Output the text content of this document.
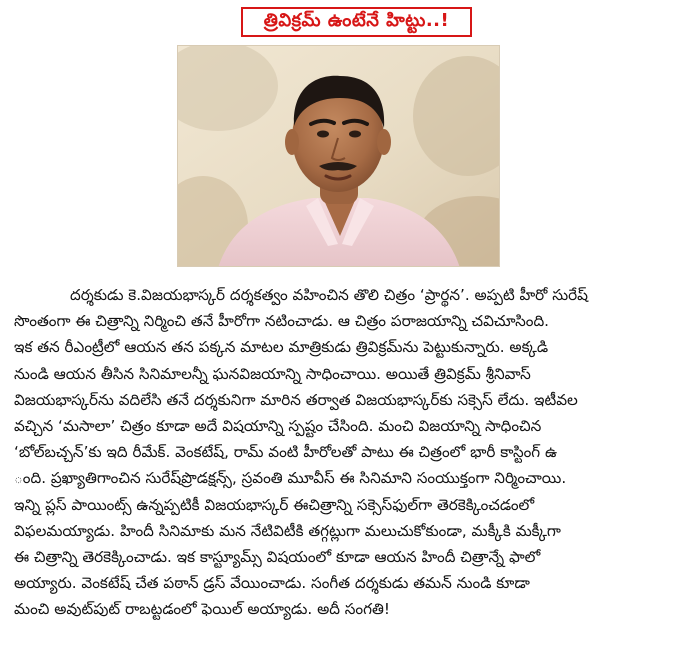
త్రివిక్రమ్ ఉంటేనే హిట్టు..!
దర్శకుడు కె.విజయభాస్కర్ దర్శకత్వం వహించిన తొలి చిత్రం ‘ప్రార్థన’. అప్పటి హీరో సురేష్
సొంతంగా ఈ చిత్రాన్ని నిర్మించి తనే హీరోగా నటించాడు. ఆ చిత్రం పరాజయాన్ని చవిచూసింది.
ఇక తన రీఎంట్రీలో ఆయన తన పక్కన మాటల మాత్రికుడు త్రివిక్రమ్‌ను పెట్టుకున్నారు. అక్కడి
నుండి ఆయన తీసిన సినిమాలన్నీ ఘనవిజయాన్ని సాధించాయి. అయితే త్రివిక్రమ్ శ్రీనివాస్
విజయభాస్కర్‌ను వదిలేసి తనే దర్శకునిగా మారిన తర్వాత విజయభాస్కర్‌కు సక్సెస్ లేదు. ఇటీవల
వచ్చిన ‘మసాలా’ చిత్రం కూడా అదే విషయాన్ని స్పష్టం చేసింది. మంచి విజయాన్ని సాధించిన
‘బోల్‌బచ్చన్’కు ఇది రీమేక్. వెంకటేష్, రామ్ వంటి హీరోలతో పాటు ఈ చిత్రంలో భారీ కాస్టింగ్ ఉ
ంది. ప్రఖ్యాతిగాంచిన సురేష్‌ప్రొడక్షన్స్, స్రవంతి మూవీస్ ఈ సినిమాని సంయుక్తంగా నిర్మించాయి.
ఇన్ని ప్లస్ పాయింట్స్ ఉన్నప్పటికీ విజయభాస్కర్ ఈచిత్రాన్ని సక్సెస్‌ఫుల్‌గా తెరకెక్కించడంలో
విఫలమయ్యాడు. హిందీ సినిమాకు మన నేటివిటీకి తగ్గట్లుగా మలుచుకోకుండా, మక్కీకి మక్కీగా
ఈ చిత్రాన్ని తెరకెక్కించాడు. ఇక కాస్ట్యూమ్స్ విషయంలో కూడా ఆయన హిందీ చిత్రాన్నే ఫాలో
అయ్యారు. వెంకటేష్ చేత పఠాన్ డ్రస్ వేయించాడు. సంగీత దర్శకుడు తమన్ నుండి కూడా
మంచి అవుట్‌పుట్ రాబట్టడంలో ఫెయిల్ అయ్యాడు. అదీ సంగతి!
